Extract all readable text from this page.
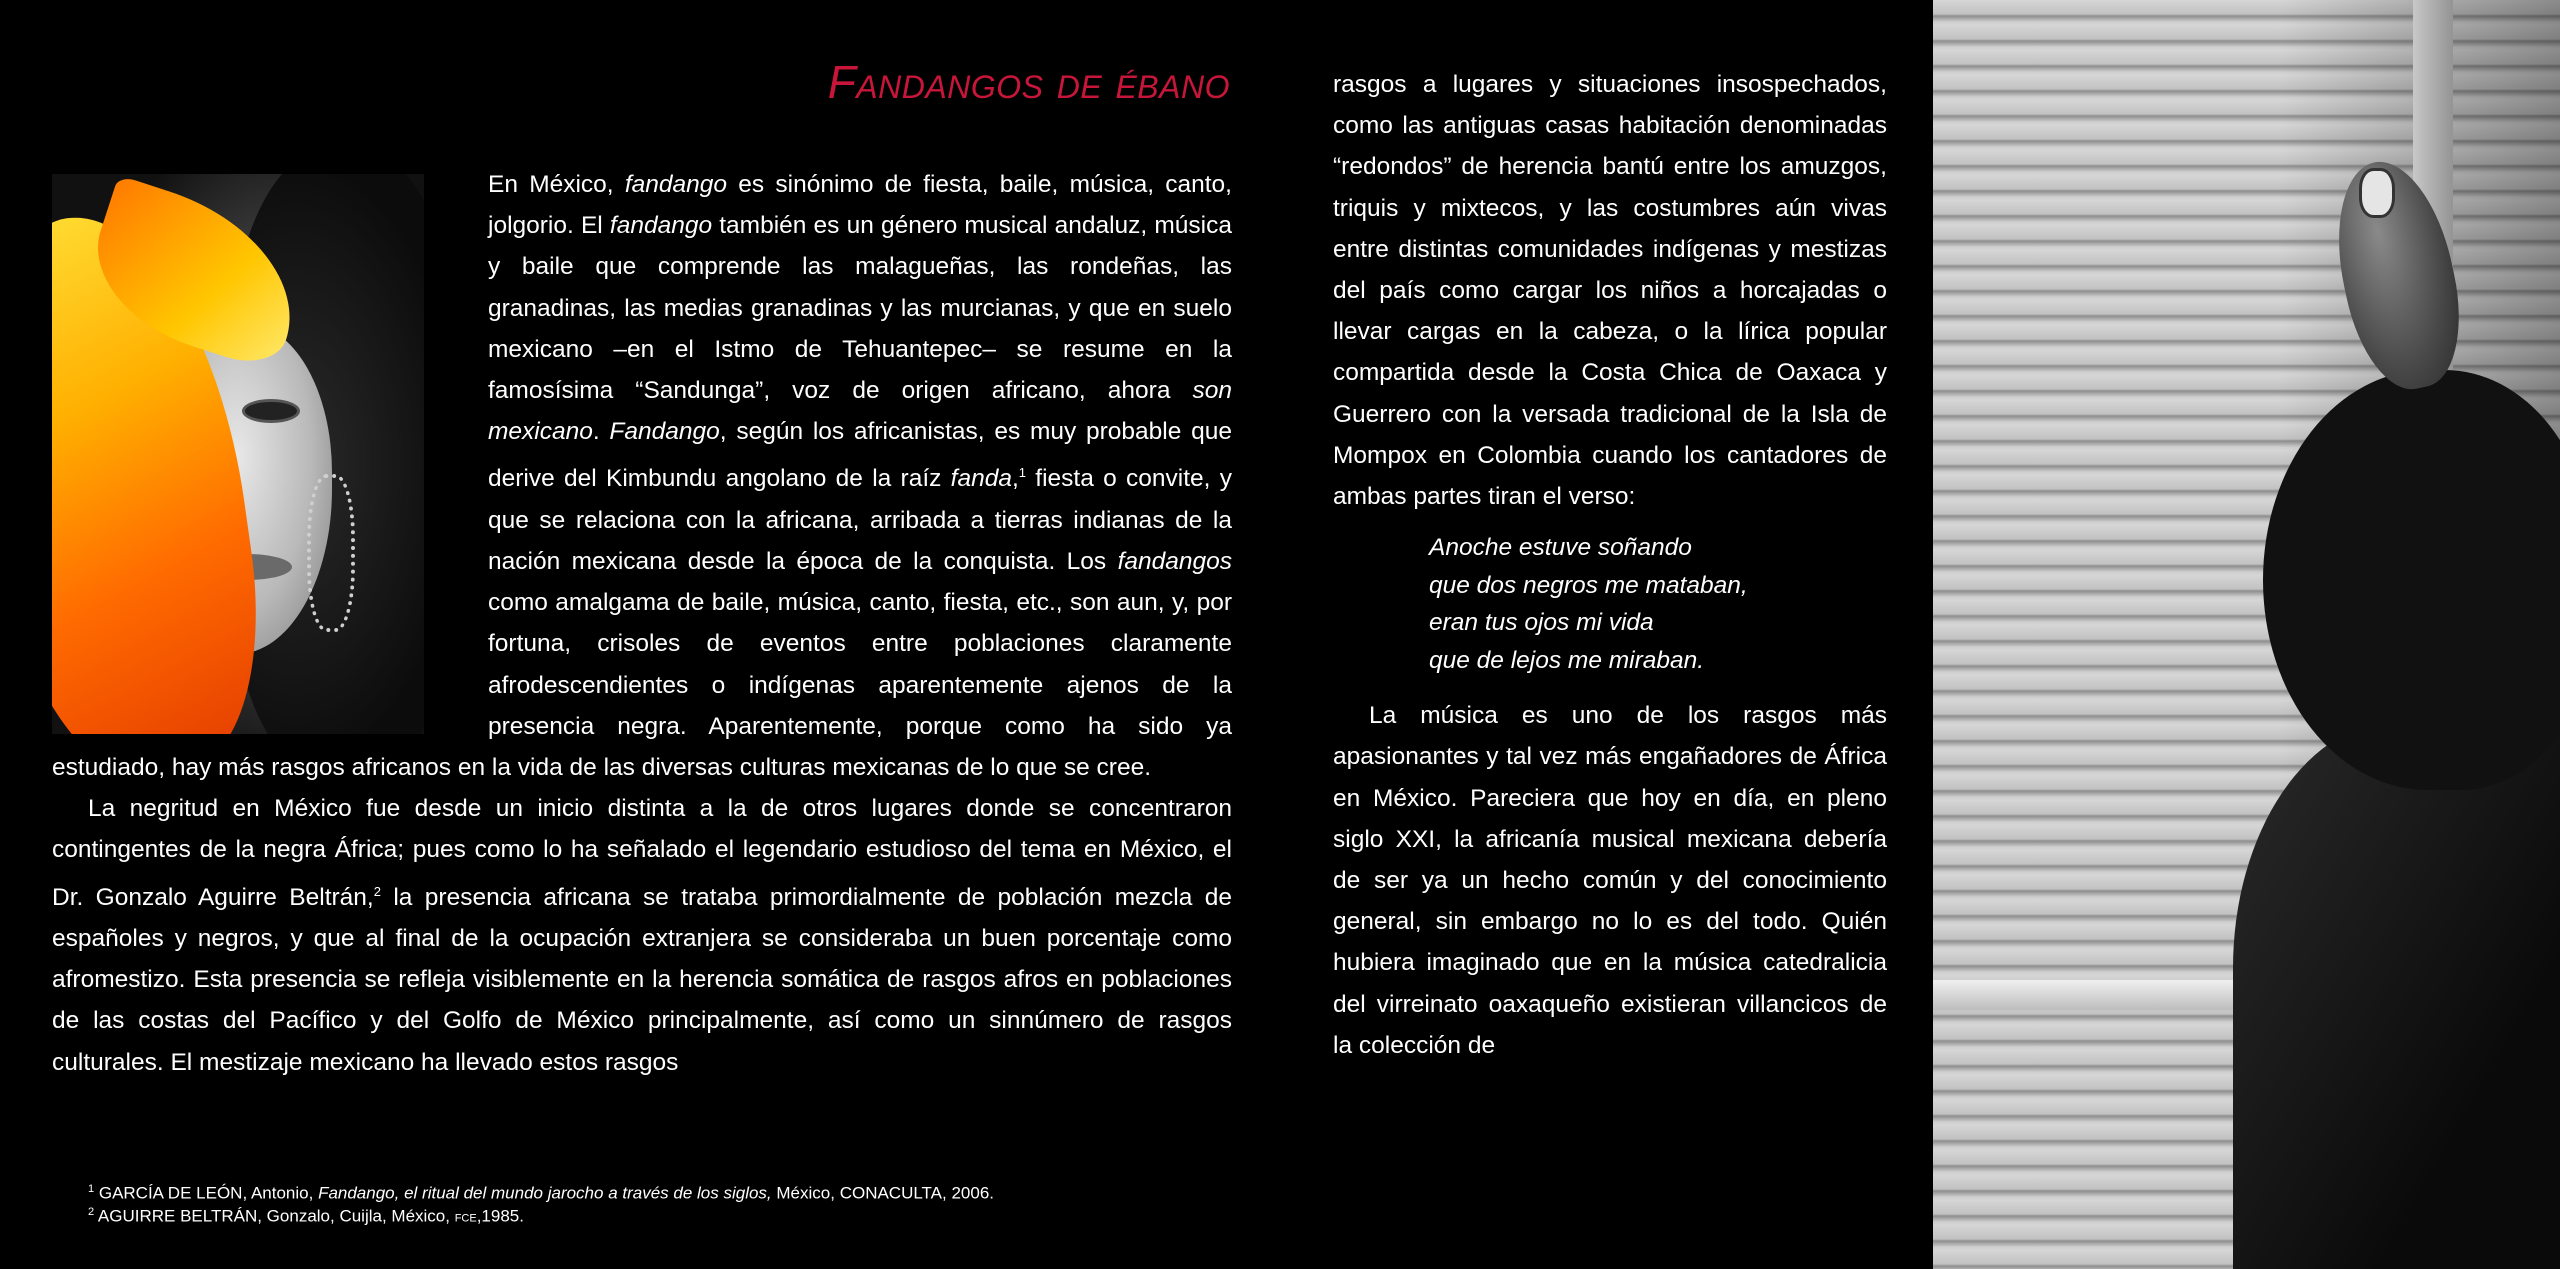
Fandangos de ébano

En México, fandango es sinónimo de fiesta, baile, música, canto, jolgorio. El fandango también es un género musical andaluz, música y baile que comprende las malagueñas, las rondeñas, las granadinas, las medias granadinas y las murcianas, y que en suelo mexicano –en el Istmo de Tehuantepec– se resume en la famosísima “Sandunga”, voz de origen africano, ahora son mexicano. Fandango, según los africanistas, es muy probable que derive del Kimbundu angolano de la raíz fanda,$^1$ fiesta o convite, y que se relaciona con la africana, arribada a tierras indianas de la nación mexicana desde la época de la conquista. Los fandangos como amalgama de baile, música, canto, fiesta, etc., son aun, y, por fortuna, crisoles de eventos entre poblaciones claramente afrodescendientes o indígenas aparentemente ajenos de la presencia negra. Aparentemente, porque como ha sido ya estudiado, hay más rasgos africanos en la vida de las diversas culturas mexicanas de lo que se cree.

La negritud en México fue desde un inicio distinta a la de otros lugares donde se concentraron contingentes de la negra África; pues como lo ha señalado el legendario estudioso del tema en México, el Dr. Gonzalo Aguirre Beltrán,$^2$ la presencia africana se trataba primordialmente de población mezcla de españoles y negros, y que al final de la ocupación extranjera se consideraba un buen porcentaje como afromestizo. Esta presencia se refleja visiblemente en la herencia somática de rasgos afros en poblaciones de las costas del Pacífico y del Golfo de México principalmente, así como un sinnúmero de rasgos culturales. El mestizaje mexicano ha llevado estos rasgos

rasgos a lugares y situaciones insospechados, como las antiguas casas habitación denominadas “redondos” de herencia bantú entre los amuzgos, triquis y mixtecos, y las costumbres aún vivas entre distintas comunidades indígenas y mestizas del país como cargar los niños a horcajadas o llevar cargas en la cabeza, o la lírica popular compartida desde la Costa Chica de Oaxaca y Guerrero con la versada tradicional de la Isla de Mompox en Colombia cuando los cantadores de ambas partes tiran el verso:

Anoche estuve soñando
que dos negros me mataban,
eran tus ojos mi vida
que de lejos me miraban.

La música es uno de los rasgos más apasionantes y tal vez más engañadores de África en México. Pareciera que hoy en día, en pleno siglo XXI, la africanía musical mexicana debería de ser ya un hecho común y del conocimiento general, sin embargo no lo es del todo. Quién hubiera imaginado que en la música catedralicia del virreinato oaxaqueño existieran villancicos de la colección de

$^1$ GARCÍA DE LEÓN, Antonio, Fandango, el ritual del mundo jarocho a través de los siglos, México, CONACULTA, 2006.
$^2$ AGUIRRE BELTRÁN, Gonzalo, Cuijla, México, fce,1985.
